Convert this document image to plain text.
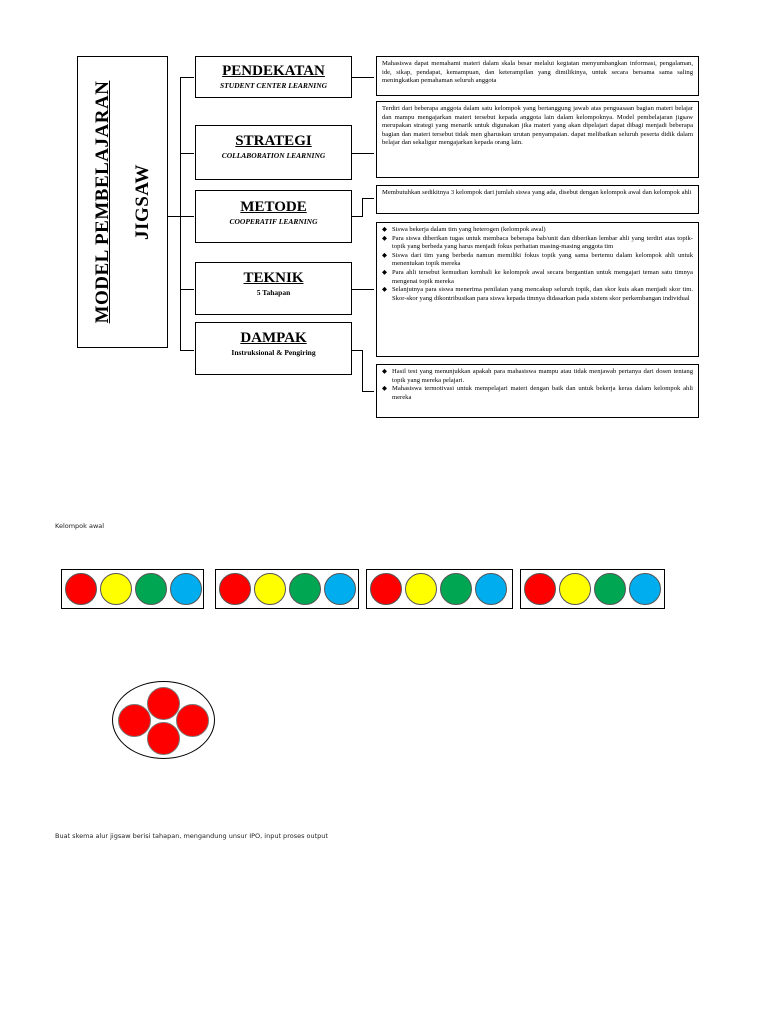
MODEL PEMBELAJARAN JIGSAW
PENDEKATAN
STUDENT CENTER LEARNING
STRATEGI
COLLABORATION LEARNING
METODE
COOPERATIF LEARNING
TEKNIK
5 Tahapan
DAMPAK
Instruksional & Pengiring
Mahasiswa dapat memahami materi dalam skala besar melalui kegiatan menyumbangkan informasi, pengalaman, ide, sikap, pendapat, kemampuan, dan keterampilan yang dimilikinya, untuk secara bersama sama saling meningkatkan pemahaman seluruh anggota
Terdiri dari beberapa anggota dalam satu kelompok yang bertanggung jawab atas penguasaan bagian materi belajar dan mampu mengajarkan materi tersebut kepada anggota lain dalam kelompoknya. Model pembelajaran jigsaw merupakan strategi yang menarik untuk digunakan jika materi yang akan dipelajari dapat dibagi menjadi beberapa bagian dan materi tersebut tidak men gharuskan urutan penyampaian. dapat melibatkan seluruh peserta didik dalam belajar dan sekaligur mengajarkan kepada orang lain.
Membutuhkan sedikitnya 3 kelompok dari jumlah siswa yang ada, disebut dengan kelompok awal dan kelompok ahli
◆ Siswa bekerja dalam tim yang heterogen (kelompok awal)
◆ Para siswa diberikan tugas untuk membaca beberapa bab/unit dan diberikan lembar ahli yang terdiri atas topik-topik yang berbeda yang harus menjadi fokus perhatian masing-masing anggota tim
◆ Siswa dari tim yang berbeda namun memiliki fokus topik yang sama bertemu dalam kelompok ahli untuk menentukan topik mereka
◆ Para ahli tersebut kemudian kembali ke kelompok awal secara bergantian untuk mengajari teman satu timnya mengenai topik mereka
◆ Selanjutnya para siswa menerima penilaian yang mencakup seluruh topik, dan skor kuis akan menjadi skor tim. Skor-skor yang dikontribusikan para siswa kepada timnya didasarkan pada sistem skor perkembangan individual
◆ Hasil test yang menunjukkan apakah para mahasiswa mampu atau tidak menjawab pertanya dari dosen tentang topik yang mereka pelajari.
◆ Mahasiswa termotivasi untuk mempelajari materi dengan baik dan untuk bekerja keras dalam kelompok ahli mereka
Kelompok awal
Buat skema alur jigsaw berisi tahapan, mengandung unsur IPO, input proses output
